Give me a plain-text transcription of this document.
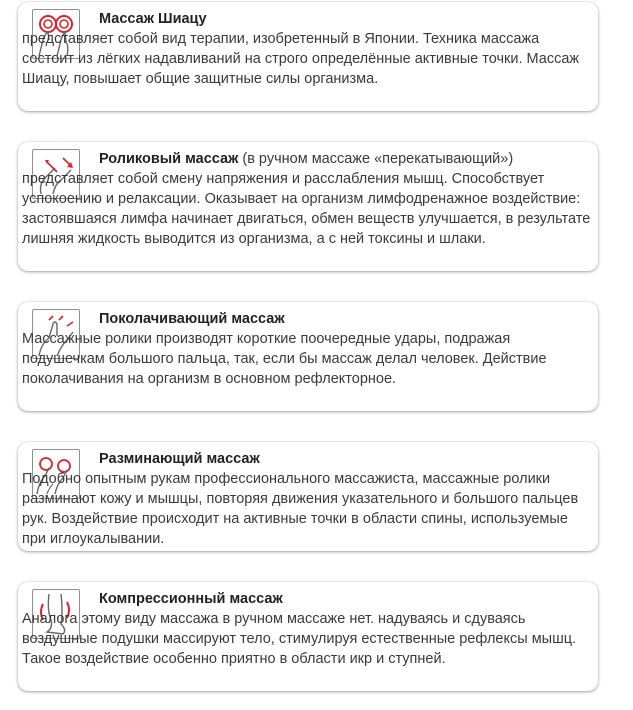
Массаж Шиацу
представляет собой вид терапии, изобретенный в Японии. Техника массажа состоит из лёгких надавливаний на строго определённые активные точки. Массаж Шиацу, повышает общие защитные силы организма.
Роликовый массаж (в ручном массаже «перекатывающий»)
представляет собой смену напряжения и расслабления мышц. Способствует успокоению и релаксации. Оказывает на организм лимфодренажное воздействие: застоявшаяся лимфа начинает двигаться, обмен веществ улучшается, в результате лишняя жидкость выводится из организма, а с ней токсины и шлаки.
Поколачивающий массаж
Массажные ролики производят короткие поочередные удары, подражая подушечкам большого пальца, так, если бы массаж делал человек. Действие поколачивания на организм в основном рефлекторное.
Разминающий массаж
Подобно опытным рукам профессионального массажиста, массажные ролики разминают кожу и мышцы, повторяя движения указательного и большого пальцев рук. Воздействие происходит на активные точки в области спины, используемые при иглоукалывании.
Компрессионный массаж
Аналога этому виду массажа в ручном массаже нет. надуваясь и сдуваясь воздушные подушки массируют тело, стимулируя естественные рефлексы мышц. Такое воздействие особенно приятно в области икр и ступней.
